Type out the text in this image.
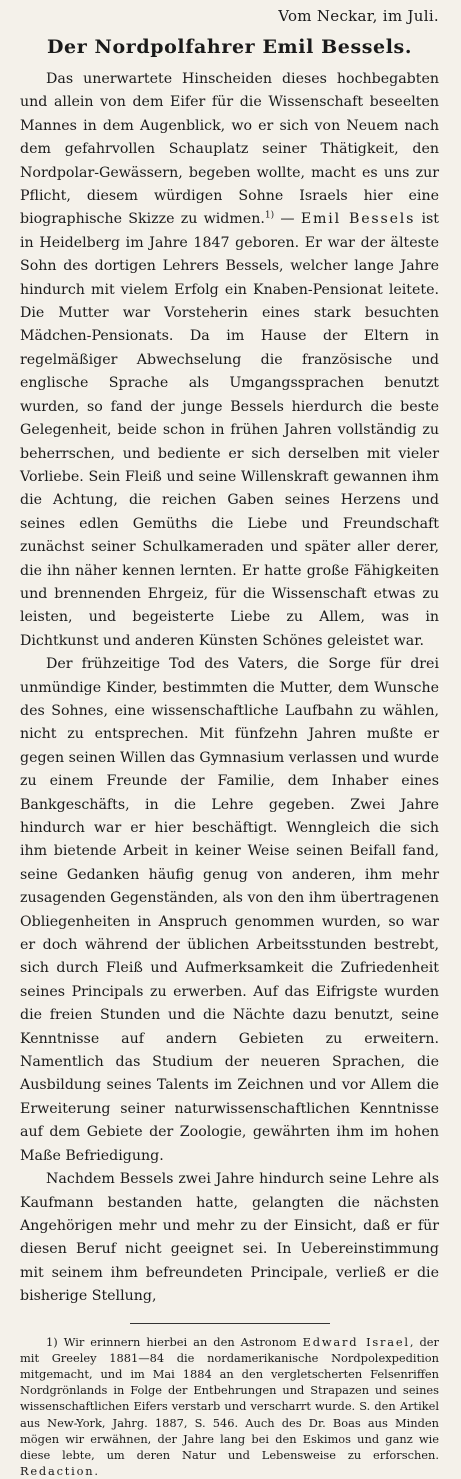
Vom Neckar, im Juli.
Der Nordpolfahrer Emil Bessels.

Das unerwartete Hinscheiden dieses hochbegabten und allein von dem Eifer für die Wissenschaft beseelten Mannes in dem Augenblick, wo er sich von Neuem nach dem gefahrvollen Schauplatz seiner Thätigkeit, den Nordpolar-Gewässern, begeben wollte, macht es uns zur Pflicht, diesem würdigen Sohne Israels hier eine biographische Skizze zu widmen.$^{1)}$ — Emil Bessels ist in Heidelberg im Jahre 1847 geboren. Er war der älteste Sohn des dortigen Lehrers Bessels, welcher lange Jahre hindurch mit vielem Erfolg ein Knaben-Pensionat leitete. Die Mutter war Vorsteherin eines stark besuchten Mädchen-Pensionats. Da im Hause der Eltern in regelmäßiger Abwechselung die französische und englische Sprache als Umgangssprachen benutzt wurden, so fand der junge Bessels hierdurch die beste Gelegenheit, beide schon in frühen Jahren vollständig zu beherrschen, und bediente er sich derselben mit vieler Vorliebe. Sein Fleiß und seine Willenskraft gewannen ihm die Achtung, die reichen Gaben seines Herzens und seines edlen Gemüths die Liebe und Freundschaft zunächst seiner Schulkameraden und später aller derer, die ihn näher kennen lernten. Er hatte große Fähigkeiten und brennenden Ehrgeiz, für die Wissenschaft etwas zu leisten, und begeisterte Liebe zu Allem, was in Dichtkunst und anderen Künsten Schönes geleistet war.

Der frühzeitige Tod des Vaters, die Sorge für drei unmündige Kinder, bestimmten die Mutter, dem Wunsche des Sohnes, eine wissenschaftliche Laufbahn zu wählen, nicht zu entsprechen. Mit fünfzehn Jahren mußte er gegen seinen Willen das Gymnasium verlassen und wurde zu einem Freunde der Familie, dem Inhaber eines Bankgeschäfts, in die Lehre gegeben. Zwei Jahre hindurch war er hier beschäftigt. Wenngleich die sich ihm bietende Arbeit in keiner Weise seinen Beifall fand, seine Gedanken häufig genug von anderen, ihm mehr zusagenden Gegenständen, als von den ihm übertragenen Obliegenheiten in Anspruch genommen wurden, so war er doch während der üblichen Arbeitsstunden bestrebt, sich durch Fleiß und Aufmerksamkeit die Zufriedenheit seines Principals zu erwerben. Auf das Eifrigste wurden die freien Stunden und die Nächte dazu benutzt, seine Kenntnisse auf andern Gebieten zu erweitern. Namentlich das Studium der neueren Sprachen, die Ausbildung seines Talents im Zeichnen und vor Allem die Erweiterung seiner naturwissenschaftlichen Kenntnisse auf dem Gebiete der Zoologie, gewährten ihm im hohen Maße Befriedigung.

Nachdem Bessels zwei Jahre hindurch seine Lehre als Kaufmann bestanden hatte, gelangten die nächsten Angehörigen mehr und mehr zu der Einsicht, daß er für diesen Beruf nicht geeignet sei. In Uebereinstimmung mit seinem ihm befreundeten Principale, verließ er die bisherige Stellung,

1) Wir erinnern hierbei an den Astronom Edward Israel, der mit Greeley 1881—84 die nordamerikanische Nordpolexpedition mitgemacht, und im Mai 1884 an den vergletscherten Felsenriffen Nordgrönlands in Folge der Entbehrungen und Strapazen und seines wissenschaftlichen Eifers verstarb und verscharrt wurde. S. den Artikel aus New-York, Jahrg. 1887, S. 546. Auch des Dr. Boas aus Minden mögen wir erwähnen, der Jahre lang bei den Eskimos und ganz wie diese lebte, um deren Natur und Lebensweise zu erforschen. Redaction.
